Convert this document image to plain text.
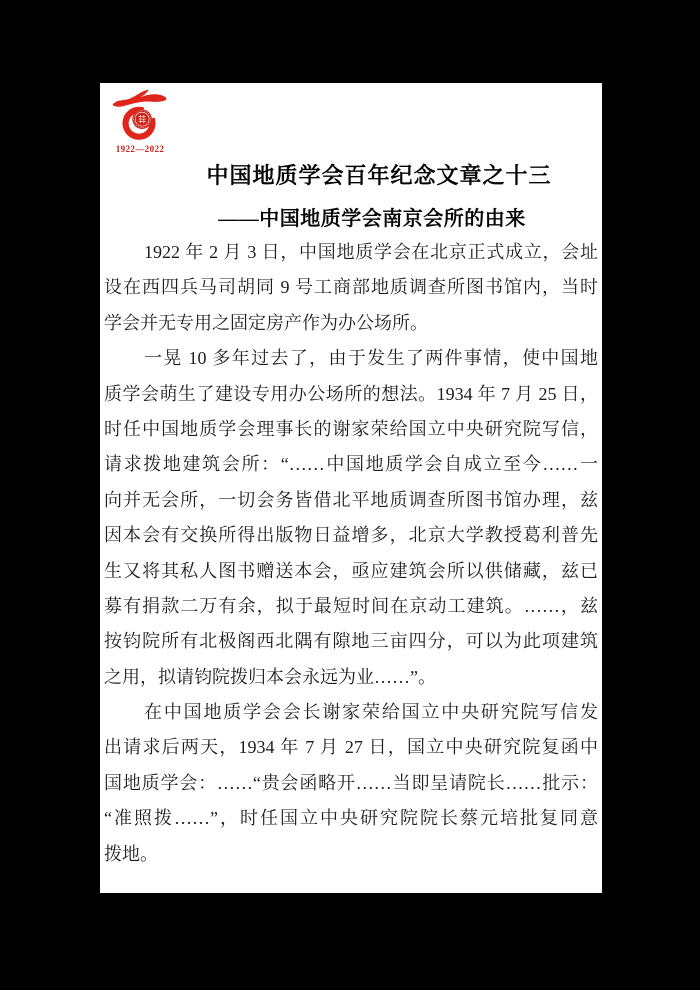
1922—2022
中国地质学会百年纪念文章之十三
——中国地质学会南京会所的由来
1922 年 2 月 3 日，中国地质学会在北京正式成立，会址
设在西四兵马司胡同 9 号工商部地质调查所图书馆内，当时
学会并无专用之固定房产作为办公场所。
一晃 10 多年过去了，由于发生了两件事情，使中国地
质学会萌生了建设专用办公场所的想法。1934 年 7 月 25 日，
时任中国地质学会理事长的谢家荣给国立中央研究院写信，
请求拨地建筑会所：“……中国地质学会自成立至今……一
向并无会所，一切会务皆借北平地质调查所图书馆办理，兹
因本会有交换所得出版物日益增多，北京大学教授葛利普先
生又将其私人图书赠送本会，亟应建筑会所以供储藏，兹已
募有捐款二万有余，拟于最短时间在京动工建筑。……，兹
按钧院所有北极阁西北隅有隙地三亩四分，可以为此项建筑
之用，拟请钧院拨归本会永远为业……”。
在中国地质学会会长谢家荣给国立中央研究院写信发
出请求后两天，1934 年 7 月 27 日，国立中央研究院复函中
国地质学会：……“贵会函略开……当即呈请院长……批示：
“准照拨……”，时任国立中央研究院院长蔡元培批复同意
拨地。
